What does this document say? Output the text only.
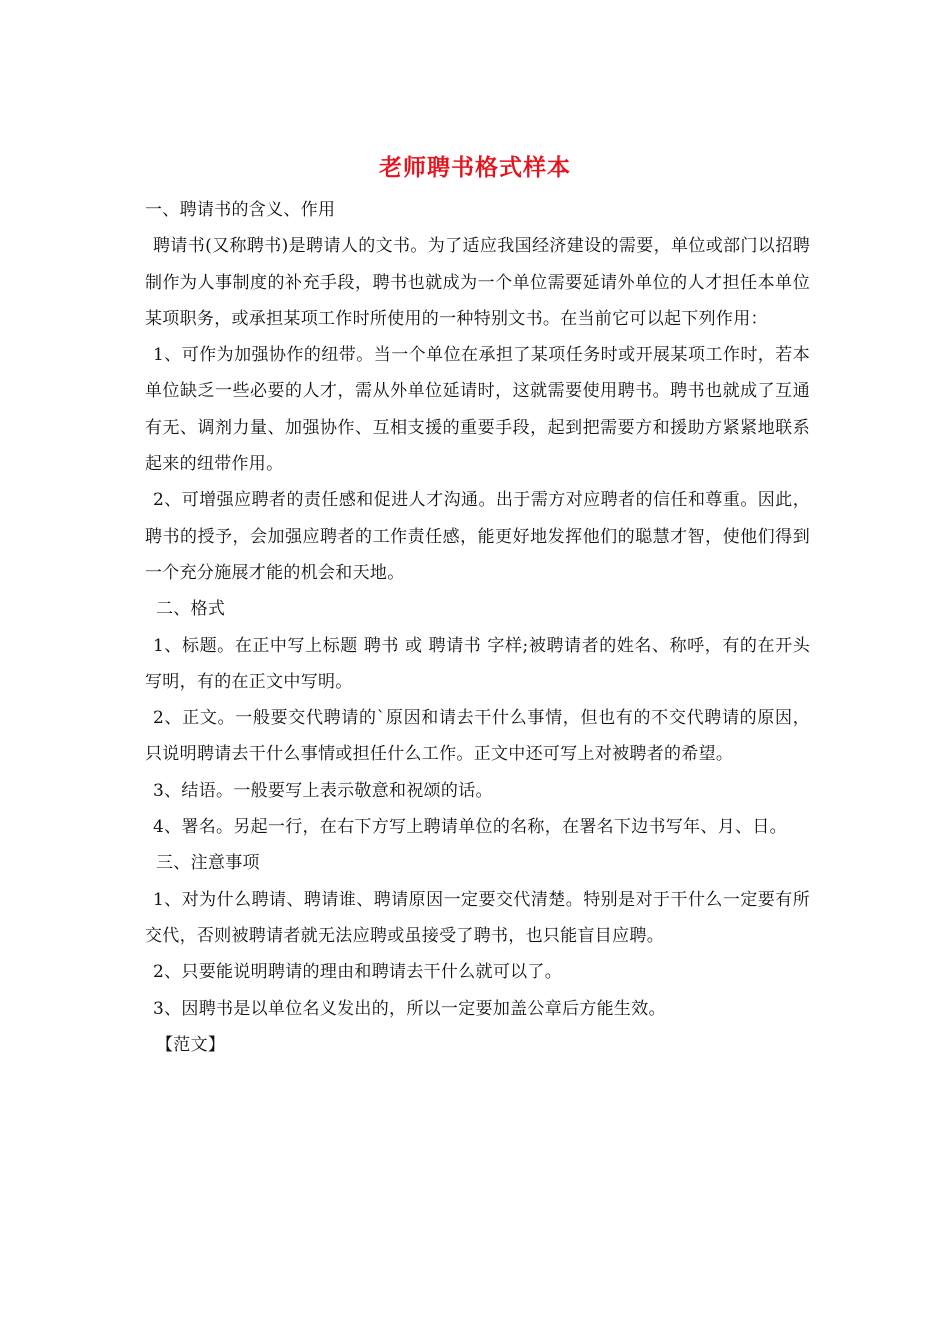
老师聘书格式样本

一、聘请书的含义、作用

聘请书(又称聘书)是聘请人的文书。为了适应我国经济建设的需要，单位或部门以招聘制作为人事制度的补充手段，聘书也就成为一个单位需要延请外单位的人才担任本单位某项职务，或承担某项工作时所使用的一种特别文书。在当前它可以起下列作用：

1、可作为加强协作的纽带。当一个单位在承担了某项任务时或开展某项工作时，若本单位缺乏一些必要的人才，需从外单位延请时，这就需要使用聘书。聘书也就成了互通有无、调剂力量、加强协作、互相支援的重要手段，起到把需要方和援助方紧紧地联系起来的纽带作用。

2、可增强应聘者的责任感和促进人才沟通。出于需方对应聘者的信任和尊重。因此，聘书的授予，会加强应聘者的工作责任感，能更好地发挥他们的聪慧才智，使他们得到一个充分施展才能的机会和天地。

二、格式

1、标题。在正中写上标题 聘书 或 聘请书 字样;被聘请者的姓名、称呼，有的在开头写明，有的在正文中写明。

2、正文。一般要交代聘请的`原因和请去干什么事情，但也有的不交代聘请的原因，只说明聘请去干什么事情或担任什么工作。正文中还可写上对被聘者的希望。

3、结语。一般要写上表示敬意和祝颂的话。

4、署名。另起一行，在右下方写上聘请单位的名称，在署名下边书写年、月、日。

三、注意事项

1、对为什么聘请、聘请谁、聘请原因一定要交代清楚。特别是对于干什么一定要有所交代，否则被聘请者就无法应聘或虽接受了聘书，也只能盲目应聘。

2、只要能说明聘请的理由和聘请去干什么就可以了。

3、因聘书是以单位名义发出的，所以一定要加盖公章后方能生效。

【范文】
